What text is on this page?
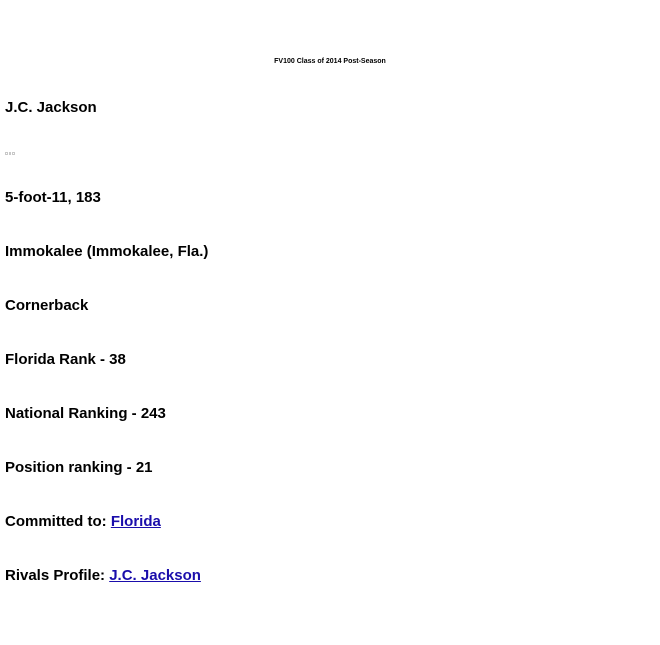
FV100 Class of 2014 Post-Season
J.C. Jackson
5-foot-11, 183
Immokalee (Immokalee, Fla.)
Cornerback
Florida Rank - 38
National Ranking - 243
Position ranking - 21
Committed to: Florida
Rivals Profile: J.C. Jackson
